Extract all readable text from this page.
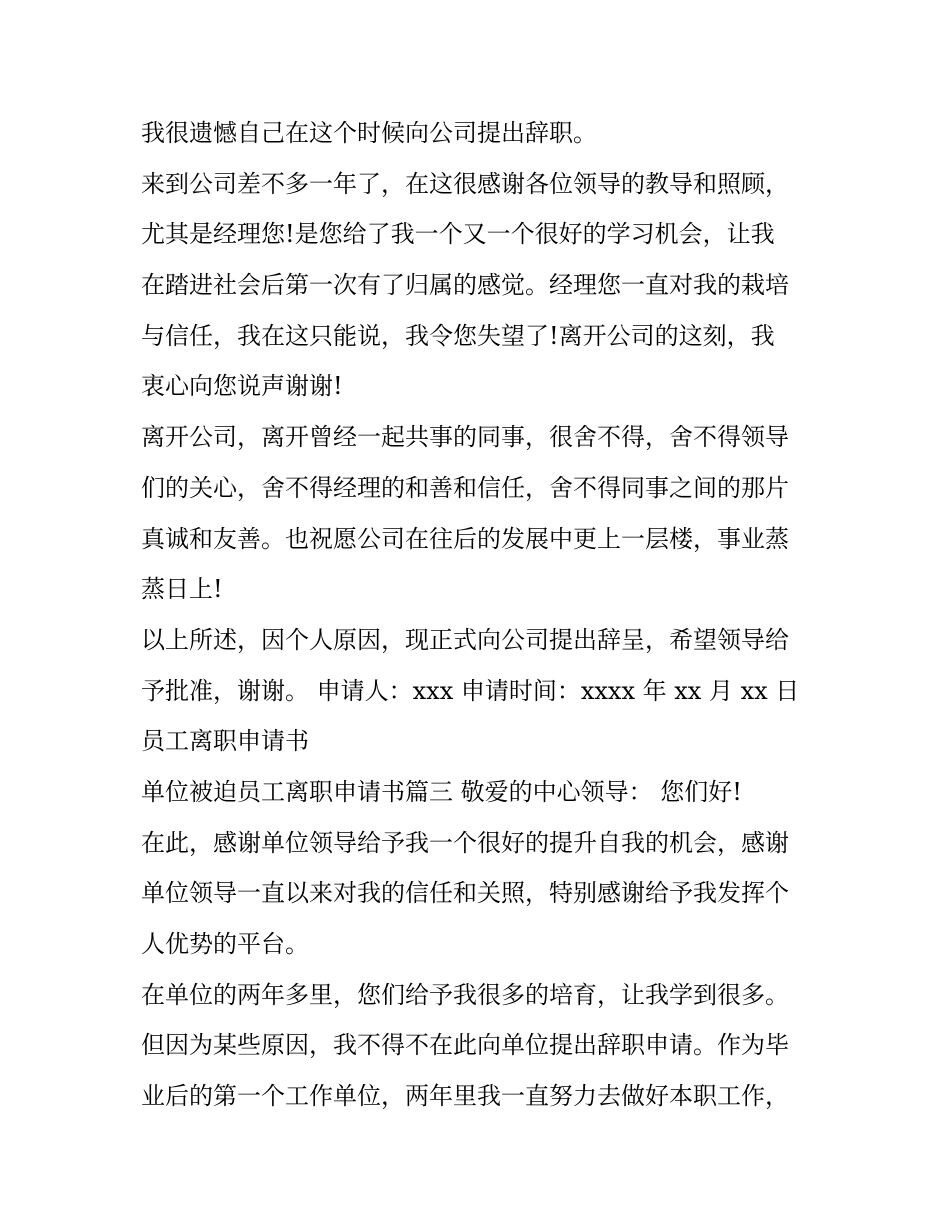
我很遗憾自己在这个时候向公司提出辞职。
来到公司差不多一年了，在这很感谢各位领导的教导和照顾，
尤其是经理您!是您给了我一个又一个很好的学习机会，让我
在踏进社会后第一次有了归属的感觉。经理您一直对我的栽培
与信任，我在这只能说，我令您失望了!离开公司的这刻，我
衷心向您说声谢谢!
离开公司，离开曾经一起共事的同事，很舍不得，舍不得领导
们的关心，舍不得经理的和善和信任，舍不得同事之间的那片
真诚和友善。也祝愿公司在往后的发展中更上一层楼，事业蒸
蒸日上!
以上所述，因个人原因，现正式向公司提出辞呈，希望领导给
予批准，谢谢。 申请人：xxx 申请时间：xxxx 年 xx 月 xx 日
员工离职申请书
单位被迫员工离职申请书篇三 敬爱的中心领导： 您们好!
在此，感谢单位领导给予我一个很好的提升自我的机会，感谢
单位领导一直以来对我的信任和关照，特别感谢给予我发挥个
人优势的平台。
在单位的两年多里，您们给予我很多的培育，让我学到很多。
但因为某些原因，我不得不在此向单位提出辞职申请。作为毕
业后的第一个工作单位，两年里我一直努力去做好本职工作，
